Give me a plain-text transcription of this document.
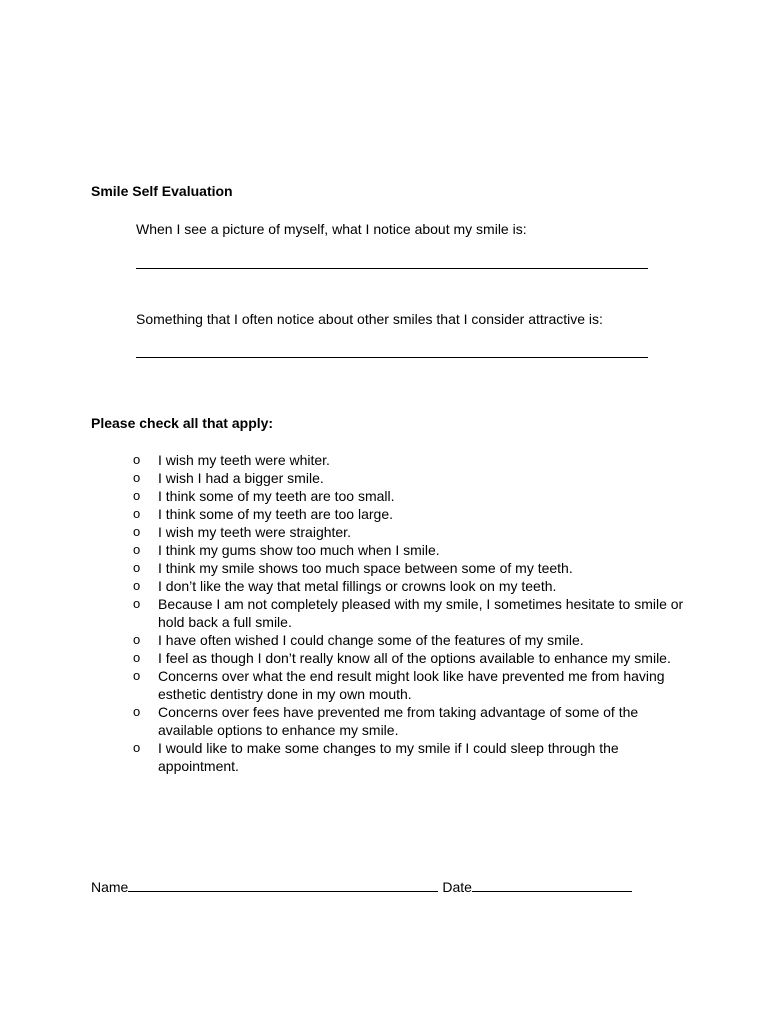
Smile Self Evaluation

When I see a picture of myself, what I notice about my smile is:

Something that I often notice about other smiles that I consider attractive is:

Please check all that apply:
o	I wish my teeth were whiter.
o	I wish I had a bigger smile.
o	I think some of my teeth are too small.
o	I think some of my teeth are too large.
o	I wish my teeth were straighter.
o	I think my gums show too much when I smile.
o	I think my smile shows too much space between some of my teeth.
o	I don’t like the way that metal fillings or crowns look on my teeth.
o	Because I am not completely pleased with my smile, I sometimes hesitate to smile or hold back a full smile.
o	I have often wished I could change some of the features of my smile.
o	I feel as though I don’t really know all of the options available to enhance my smile.
o	Concerns over what the end result might look like have prevented me from having esthetic dentistry done in my own mouth.
o	Concerns over fees have prevented me from taking advantage of some of the available options to enhance my smile.
o	I would like to make some changes to my smile if I could sleep through the appointment.
Name	Date
